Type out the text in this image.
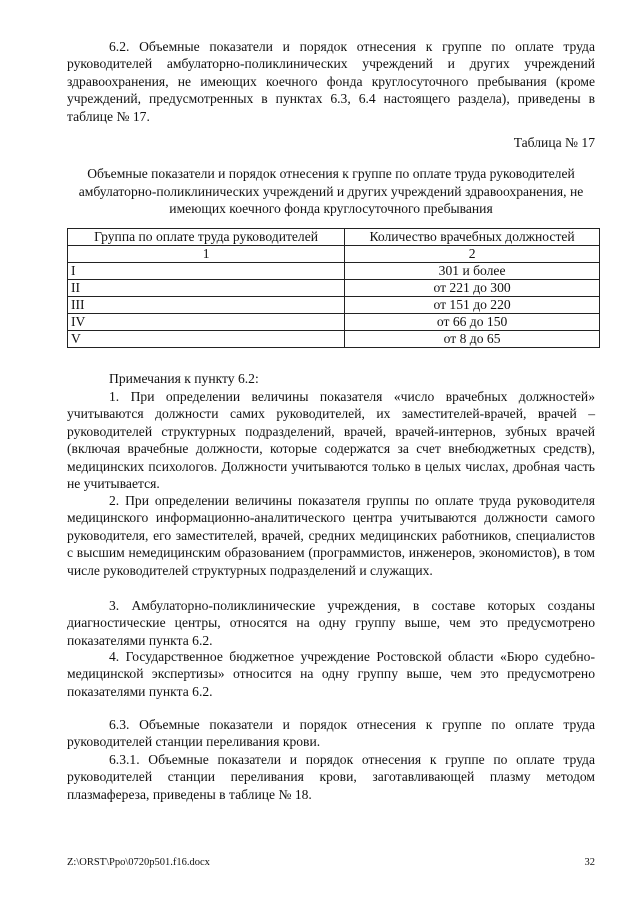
6.2. Объемные показатели и порядок отнесения к группе по оплате труда руководителей амбулаторно-поликлинических учреждений и других учреждений здравоохранения, не имеющих коечного фонда круглосуточного пребывания (кроме учреждений, предусмотренных в пунктах 6.3, 6.4 настоящего раздела), приведены в таблице № 17.

Таблица № 17

Объемные показатели и порядок отнесения к группе по оплате труда руководителей амбулаторно-поликлинических учреждений и других учреждений здравоохранения, не имеющих коечного фонда круглосуточного пребывания

Группа по оплате труда руководителей	Количество врачебных должностей
1	2
I	301 и более
II	от 221 до 300
III	от 151 до 220
IV	от 66 до 150
V	от 8 до 65

Примечания к пункту 6.2:

1. При определении величины показателя «число врачебных должностей» учитываются должности самих руководителей, их заместителей-врачей, врачей – руководителей структурных подразделений, врачей, врачей-интернов, зубных врачей (включая врачебные должности, которые содержатся за счет внебюджетных средств), медицинских психологов. Должности учитываются только в целых числах, дробная часть не учитывается.

2. При определении величины показателя группы по оплате труда руководителя медицинского информационно-аналитического центра учитываются должности самого руководителя, его заместителей, врачей, средних медицинских работников, специалистов с высшим немедицинским образованием (программистов, инженеров, экономистов), в том числе руководителей структурных подразделений и служащих.

3. Амбулаторно-поликлинические учреждения, в составе которых созданы диагностические центры, относятся на одну группу выше, чем это предусмотрено показателями пункта 6.2.

4. Государственное бюджетное учреждение Ростовской области «Бюро судебно-медицинской экспертизы» относится на одну группу выше, чем это предусмотрено показателями пункта 6.2.

6.3. Объемные показатели и порядок отнесения к группе по оплате труда руководителей станции переливания крови.

6.3.1. Объемные показатели и порядок отнесения к группе по оплате труда руководителей станции переливания крови, заготавливающей плазму методом плазмафереза, приведены в таблице № 18.

Z:\ORST\Ppo\0720p501.f16.docx	32
